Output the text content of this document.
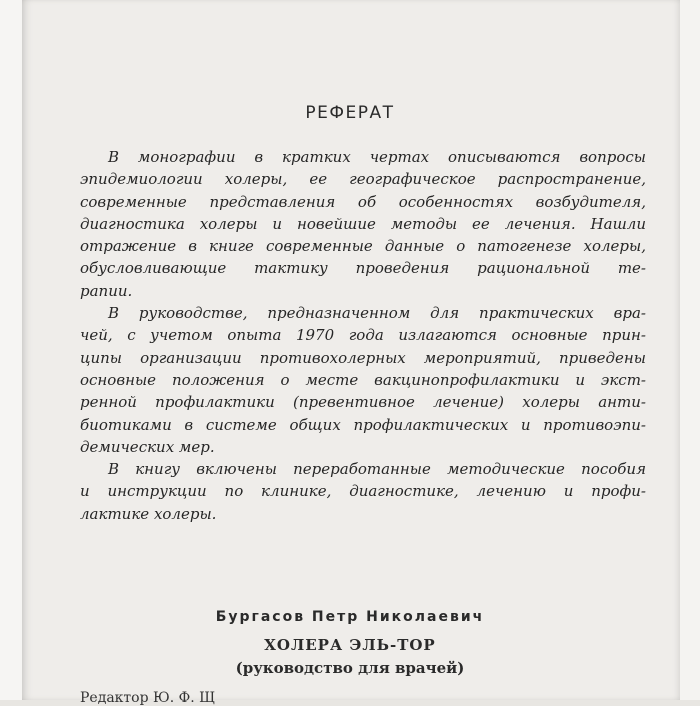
РЕФЕРАТ
В монографии в кратких чертах описываются вопросы
эпидемиологии холеры, ее географическое распространение,
современные представления об особенностях возбудителя,
диагностика холеры и новейшие методы ее лечения. Нашли
отражение в книге современные данные о патогенезе холеры,
обусловливающие тактику проведения рациональной те-
рапии.
В руководстве, предназначенном для практических вра-
чей, с учетом опыта 1970 года излагаются основные прин-
ципы организации противохолерных мероприятий, приведены
основные положения о месте вакцинопрофилактики и экст-
ренной профилактики (превентивное лечение) холеры анти-
биотиками в системе общих профилактических и противоэпи-
демических мер.
В книгу включены переработанные методические пособия
и инструкции по клинике, диагностике, лечению и профи-
лактике холеры.
Бургасов Петр Николаевич
ХОЛЕРА ЭЛЬ-ТОР
(руководство для врачей)
Редактор Ю. Ф. Щ
